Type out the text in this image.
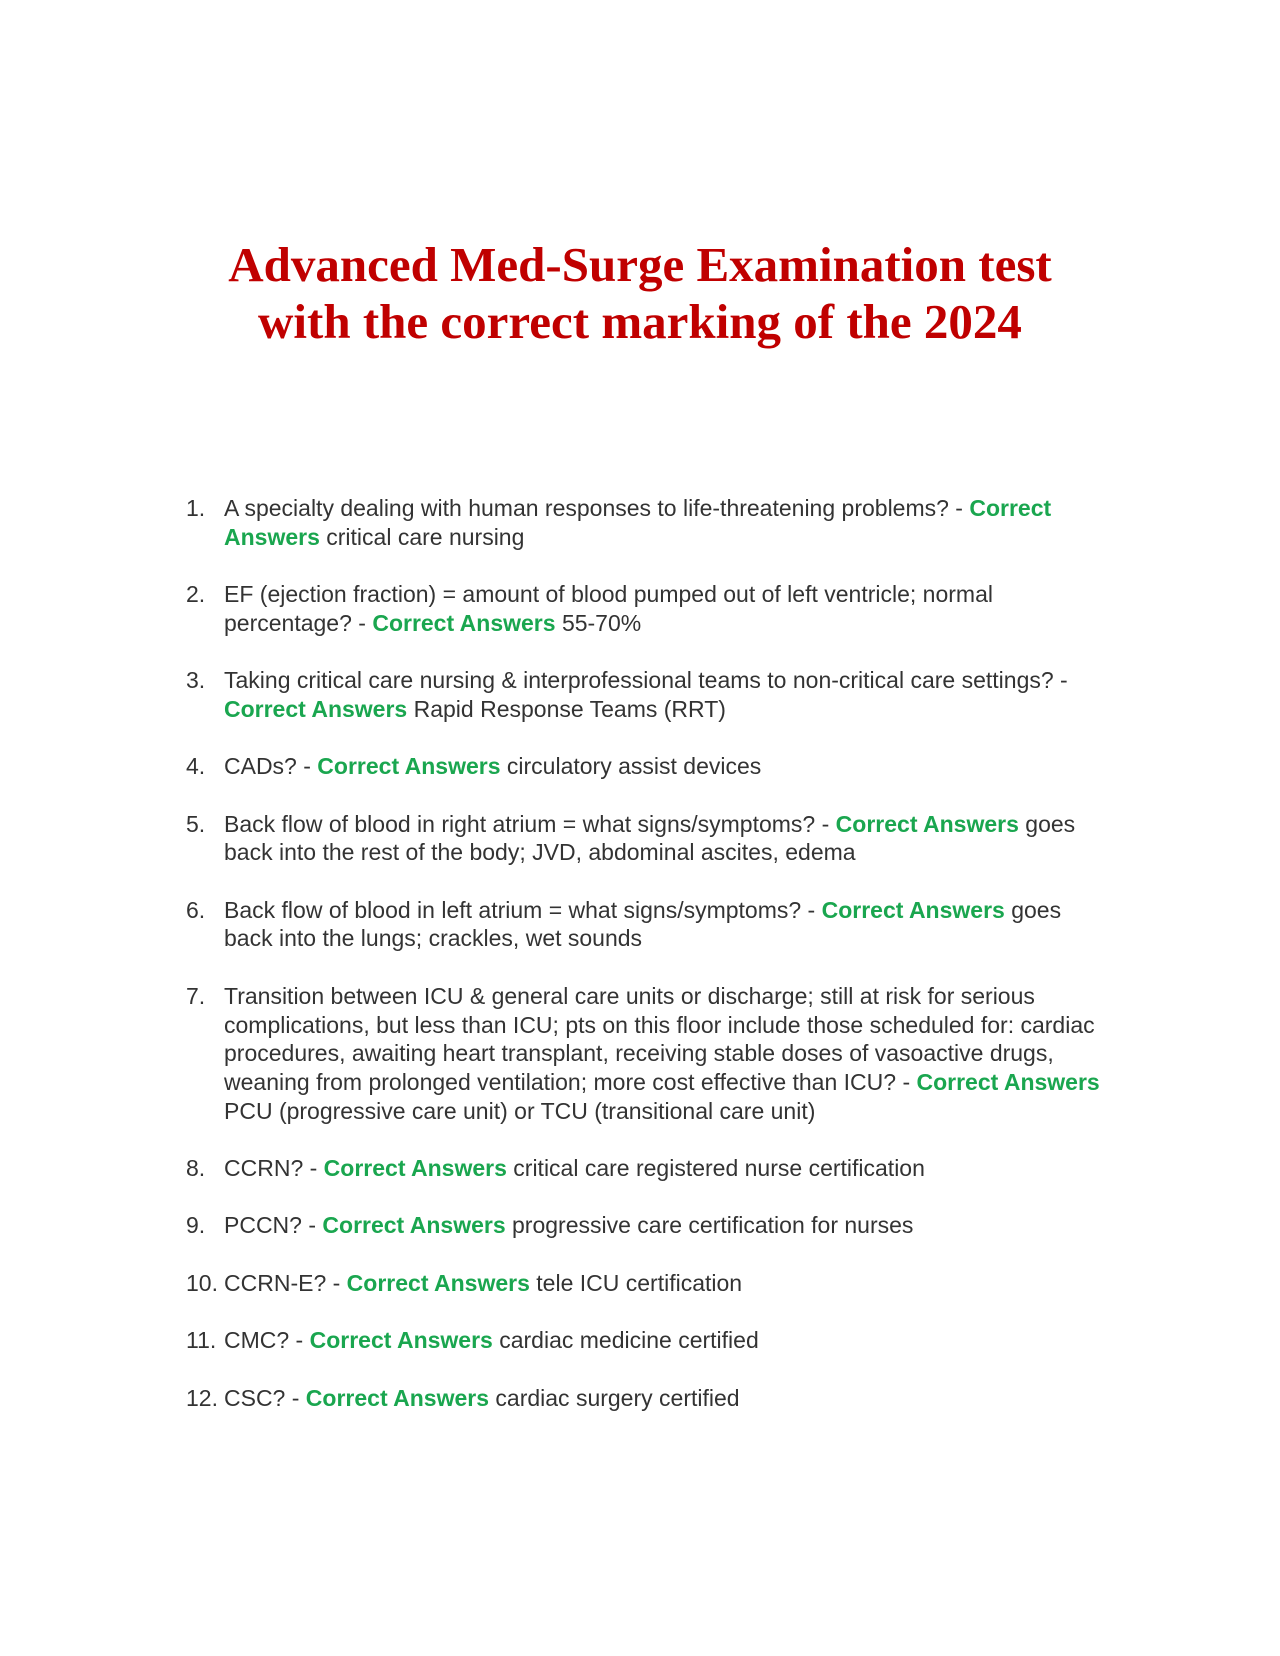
Advanced Med-Surge Examination test
with the correct marking of the 2024
1. A specialty dealing with human responses to life-threatening problems? - Correct Answers critical care nursing
2. EF (ejection fraction) = amount of blood pumped out of left ventricle; normal percentage? - Correct Answers 55-70%
3. Taking critical care nursing & interprofessional teams to non-critical care settings? - Correct Answers Rapid Response Teams (RRT)
4. CADs? - Correct Answers circulatory assist devices
5. Back flow of blood in right atrium = what signs/symptoms? - Correct Answers goes back into the rest of the body; JVD, abdominal ascites, edema
6. Back flow of blood in left atrium = what signs/symptoms? - Correct Answers goes back into the lungs; crackles, wet sounds
7. Transition between ICU & general care units or discharge; still at risk for serious complications, but less than ICU; pts on this floor include those scheduled for: cardiac procedures, awaiting heart transplant, receiving stable doses of vasoactive drugs, weaning from prolonged ventilation; more cost effective than ICU? - Correct Answers PCU (progressive care unit) or TCU (transitional care unit)
8. CCRN? - Correct Answers critical care registered nurse certification
9. PCCN? - Correct Answers progressive care certification for nurses
10. CCRN-E? - Correct Answers tele ICU certification
11. CMC? - Correct Answers cardiac medicine certified
12. CSC? - Correct Answers cardiac surgery certified
